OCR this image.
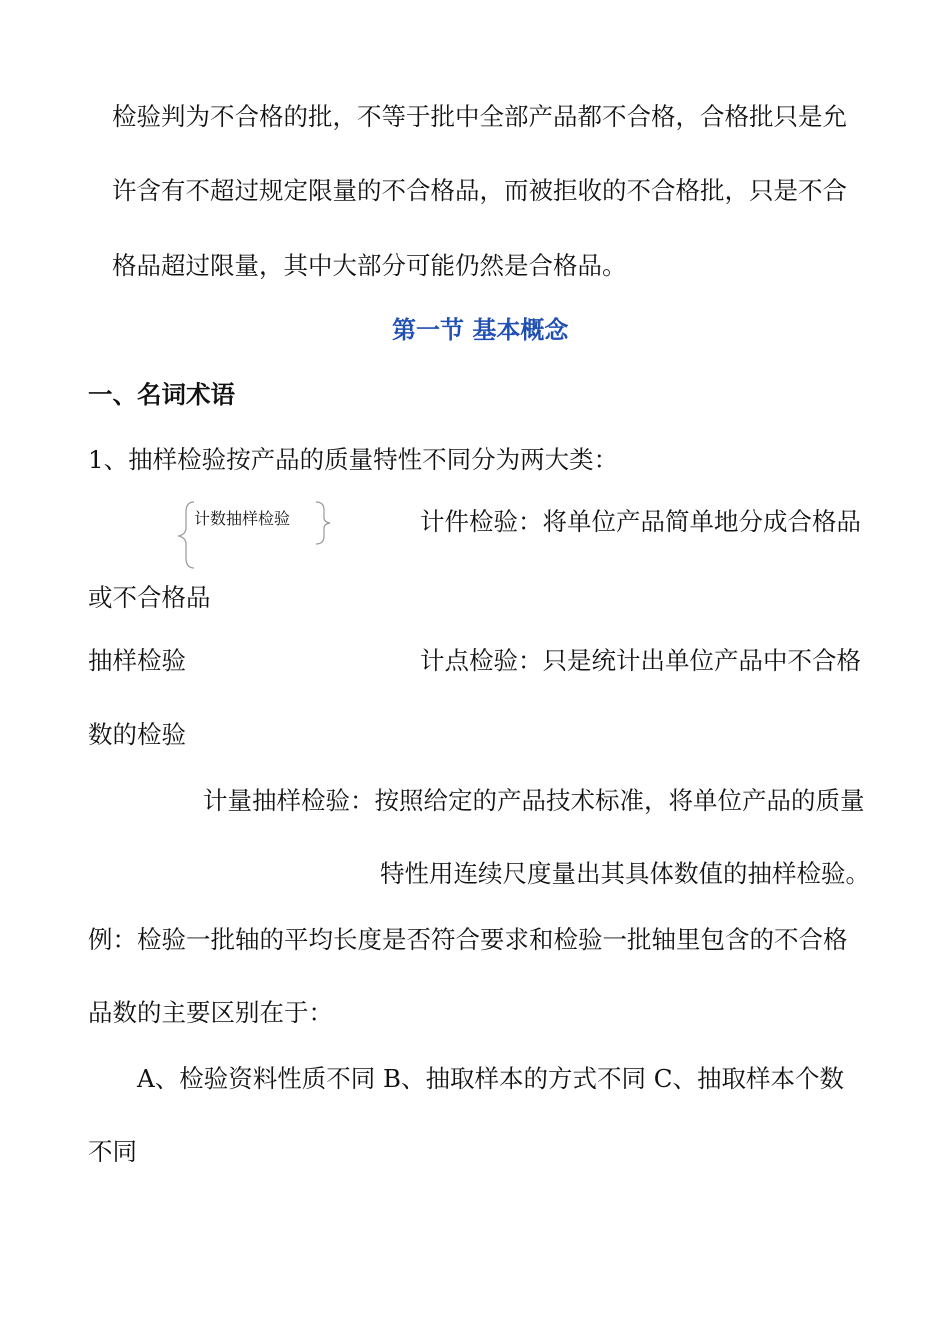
检验判为不合格的批，不等于批中全部产品都不合格，合格批只是允
许含有不超过规定限量的不合格品，而被拒收的不合格批，只是不合
格品超过限量，其中大部分可能仍然是合格品。
第一节 基本概念
一、名词术语
1、抽样检验按产品的质量特性不同分为两大类：
计数抽样检验	计件检验：将单位产品简单地分成合格品
或不合格品
抽样检验	计点检验：只是统计出单位产品中不合格
数的检验
计量抽样检验：按照给定的产品技术标准，将单位产品的质量
特性用连续尺度量出其具体数值的抽样检验。
例：检验一批轴的平均长度是否符合要求和检验一批轴里包含的不合格
品数的主要区别在于：
A、检验资料性质不同 B、抽取样本的方式不同 C、抽取样本个数
不同
